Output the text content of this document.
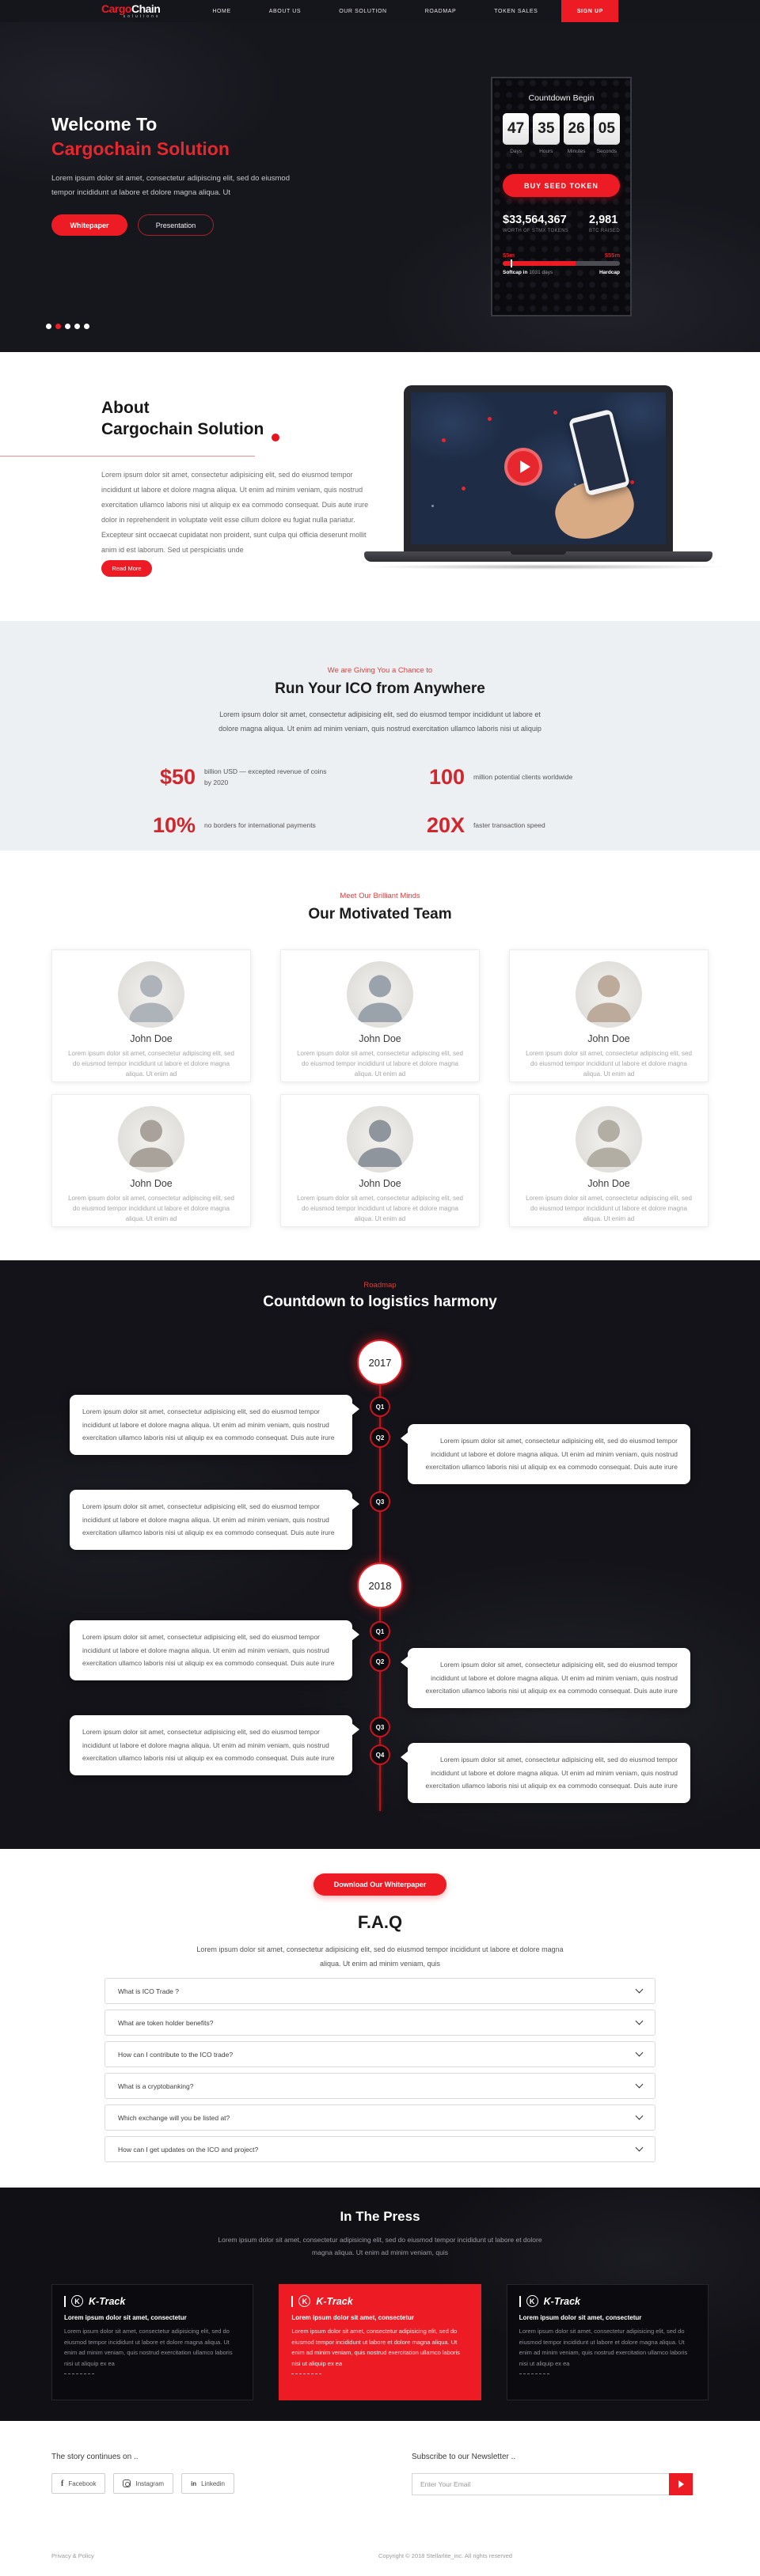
CargoChain
solutions
HOME	ABOUT US	OUR SOLUTION	ROADMAP	TOKEN SALES	SIGN UP
Welcome To
Cargochain Solution
Lorem ipsum dolor sit amet, consectetur adipiscing elit, sed do eiusmod tempor incididunt ut labore et dolore magna aliqua. Ut
Whitepaper	Presentation
Countdown Begin
47 35 26 05
Days	Hours	Minutes	Seconds
BUY SEED TOKEN
$33,564,367
WORTH OF STMX TOKENS
2,981
BTC RAISED
$5m	$55m
Softcap in 1031 days	Hardcap
About
Cargochain Solution
Lorem ipsum dolor sit amet, consectetur adipisicing elit, sed do eiusmod tempor incididunt ut labore et dolore magna aliqua. Ut enim ad minim veniam, quis nostrud exercitation ullamco laboris nisi ut aliquip ex ea commodo consequat. Duis aute irure dolor in reprehenderit in voluptate velit esse cillum dolore eu fugiat nulla pariatur. Excepteur sint occaecat cupidatat non proident, sunt culpa qui officia deserunt mollit anim id est laborum. Sed ut perspiciatis unde
Read More
We are Giving You a Chance to
Run Your ICO from Anywhere
Lorem ipsum dolor sit amet, consectetur adipisicing elit, sed do eiusmod tempor incididunt ut labore et dolore magna aliqua. Ut enim ad minim veniam, quis nostrud exercitation ullamco laboris nisi ut aliquip
$50	billion USD — excepted revenue of coins by 2020	100	million potential clients worldwide
10%	no borders for international payments	20X	faster transaction speed
Meet Our Brilliant Minds
Our Motivated Team
John Doe
Lorem ipsum dolor sit amet, consectetur adipiscing elit, sed do eiusmod tempor incididunt ut labore et dolore magna aliqua. Ut enim ad
John Doe
Lorem ipsum dolor sit amet, consectetur adipiscing elit, sed do eiusmod tempor incididunt ut labore et dolore magna aliqua. Ut enim ad
John Doe
Lorem ipsum dolor sit amet, consectetur adipiscing elit, sed do eiusmod tempor incididunt ut labore et dolore magna aliqua. Ut enim ad
John Doe
Lorem ipsum dolor sit amet, consectetur adipiscing elit, sed do eiusmod tempor incididunt ut labore et dolore magna aliqua. Ut enim ad
John Doe
Lorem ipsum dolor sit amet, consectetur adipiscing elit, sed do eiusmod tempor incididunt ut labore et dolore magna aliqua. Ut enim ad
John Doe
Lorem ipsum dolor sit amet, consectetur adipiscing elit, sed do eiusmod tempor incididunt ut labore et dolore magna aliqua. Ut enim ad
Roadmap
Countdown to logistics harmony
2017
Q1
Q2
Q3
Lorem ipsum dolor sit amet, consectetur adipisicing elit, sed do eiusmod tempor incididunt ut labore et dolore magna aliqua. Ut enim ad minim veniam, quis nostrud exercitation ullamco laboris nisi ut aliquip ex ea commodo consequat. Duis aute irure	Lorem ipsum dolor sit amet, consectetur adipisicing elit, sed do eiusmod tempor incididunt ut labore et dolore magna aliqua. Ut enim ad minim veniam, quis nostrud exercitation ullamco laboris nisi ut aliquip ex ea commodo consequat. Duis aute irure
Lorem ipsum dolor sit amet, consectetur adipisicing elit, sed do eiusmod tempor incididunt ut labore et dolore magna aliqua. Ut enim ad minim veniam, quis nostrud exercitation ullamco laboris nisi ut aliquip ex ea commodo consequat. Duis aute irure
2018
Q1
Q2
Q3
Q4
Lorem ipsum dolor sit amet, consectetur adipisicing elit, sed do eiusmod tempor incididunt ut labore et dolore magna aliqua. Ut enim ad minim veniam, quis nostrud exercitation ullamco laboris nisi ut aliquip ex ea commodo consequat. Duis aute irure	Lorem ipsum dolor sit amet, consectetur adipisicing elit, sed do eiusmod tempor incididunt ut labore et dolore magna aliqua. Ut enim ad minim veniam, quis nostrud exercitation ullamco laboris nisi ut aliquip ex ea commodo consequat. Duis aute irure
Lorem ipsum dolor sit amet, consectetur adipisicing elit, sed do eiusmod tempor incididunt ut labore et dolore magna aliqua. Ut enim ad minim veniam, quis nostrud exercitation ullamco laboris nisi ut aliquip ex ea commodo consequat. Duis aute irure	Lorem ipsum dolor sit amet, consectetur adipisicing elit, sed do eiusmod tempor incididunt ut labore et dolore magna aliqua. Ut enim ad minim veniam, quis nostrud exercitation ullamco laboris nisi ut aliquip ex ea commodo consequat. Duis aute irure
Download Our Whiterpaper
F.A.Q
Lorem ipsum dolor sit amet, consectetur adipisicing elit, sed do eiusmod tempor incididunt ut labore et dolore magna aliqua. Ut enim ad minim veniam, quis
What is ICO Trade ?
What are token holder benefits?
How can I contribute to the ICO trade?
What is a cryptobanking?
Which exchange will you be listed at?
How can I get updates on the ICO and project?
In The Press
Lorem ipsum dolor sit amet, consectetur adipisicing elit, sed do eiusmod tempor incididunt ut labore et dolore magna aliqua. Ut enim ad minim veniam, quis
K K-Track
Lorem ipsum dolor sit amet, consectetur
Lorem ipsum dolor sit amet, consectetur adipisicing elit, sed do eiusmod tempor incididunt ut labore et dolore magna aliqua. Ut enim ad minim veniam, quis nostrud exercitation ullamco laboris nisi ut aliquip ex ea
K K-Track
Lorem ipsum dolor sit amet, consectetur
Lorem ipsum dolor sit amet, consectetur adipisicing elit, sed do eiusmod tempor incididunt ut labore et dolore magna aliqua. Ut enim ad minim veniam, quis nostrud exercitation ullamco laboris nisi ut aliquip ex ea
K K-Track
Lorem ipsum dolor sit amet, consectetur
Lorem ipsum dolor sit amet, consectetur adipisicing elit, sed do eiusmod tempor incididunt ut labore et dolore magna aliqua. Ut enim ad minim veniam, quis nostrud exercitation ullamco laboris nisi ut aliquip ex ea
The story continues on ..	Subscribe to our Newsletter ..
f Facebook	Instagram	in Linkedin
Enter Your Email
Privacy & Policy	Copyright © 2018 Stellarlite_inc. All rights reserved
